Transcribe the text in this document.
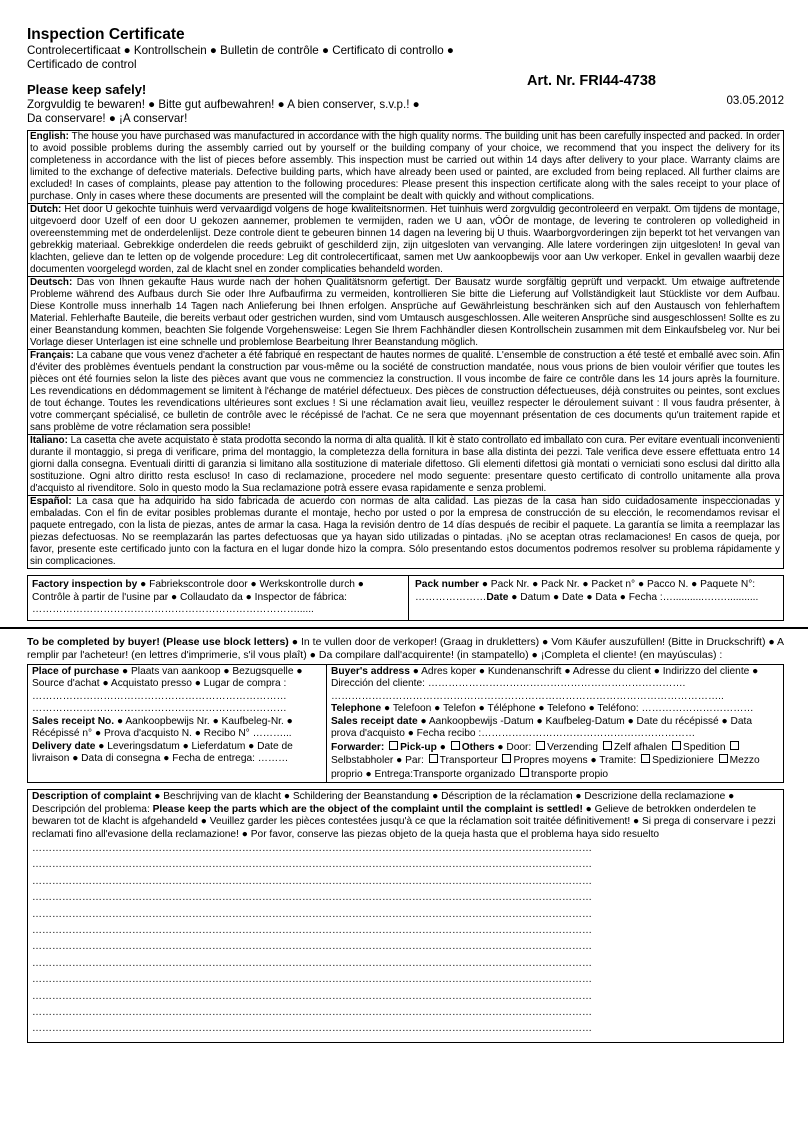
Inspection Certificate
Controlecertificaat ● Kontrollschein ● Bulletin de contrôle ● Certificato di controllo ● Certificado de control
Art. Nr. FRI44-4738
Please keep safely!
Zorgvuldig te bewaren! ● Bitte gut aufbewahren! ● A bien conserver, s.v.p.! ● Da conservare! ● ¡A conservar!
03.05.2012
English: The house you have purchased was manufactured in accordance with the high quality norms. The building unit has been carefully inspected and packed. In order to avoid possible problems during the assembly carried out by yourself or the building company of your choice, we recommend that you inspect the delivery for its completeness in accordance with the list of pieces before assembly. This inspection must be carried out within 14 days after delivery to your place. Warranty claims are limited to the exchange of defective materials. Defective building parts, which have already been used or painted, are excluded from being replaced. All further claims are excluded! In cases of complaints, please pay attention to the following procedures: Please present this inspection certificate along with the sales receipt to your place of purchase. Only in cases where these documents are presented will the complaint be dealt with quickly and without complications.
Dutch: Het door U gekochte tuinhuis werd vervaardigd volgens de hoge kwaliteitsnormen. Het tuinhuis werd zorgvuldig gecontroleerd en verpakt. Om tijdens de montage, uitgevoerd door Uzelf of een door U gekozen aannemer, problemen te vermijden, raden we U aan, vÓÓr de montage, de levering te controleren op volledigheid in overeenstemming met de onderdelenlijst. Deze controle dient te gebeuren binnen 14 dagen na levering bij U thuis. Waarborgvorderingen zijn beperkt tot het vervangen van gebrekkig materiaal. Gebrekkige onderdelen die reeds gebruikt of geschilderd zijn, zijn uitgesloten van vervanging. Alle latere vorderingen zijn uitgesloten! In geval van klachten, gelieve dan te letten op de volgende procedure: Leg dit controlecertificaat, samen met Uw aankoopbewijs voor aan Uw verkoper. Enkel in gevallen waarbij deze documenten voorgelegd worden, zal de klacht snel en zonder complicaties behandeld worden.
Deutsch: Das von Ihnen gekaufte Haus wurde nach der hohen Qualitätsnorm gefertigt. Der Bausatz wurde sorgfältig geprüft und verpackt. Um etwaige auftretende Probleme während des Aufbaus durch Sie oder Ihre Aufbaufirma zu vermeiden, kontrollieren Sie bitte die Lieferung auf Vollständigkeit laut Stückliste vor dem Aufbau. Diese Kontrolle muss innerhalb 14 Tagen nach Anlieferung bei Ihnen erfolgen. Ansprüche auf Gewährleistung beschränken sich auf den Austausch von fehlerhaftem Material. Fehlerhafte Bauteile, die bereits verbaut oder gestrichen wurden, sind vom Umtausch ausgeschlossen. Alle weiteren Ansprüche sind ausgeschlossen! Sollte es zu einer Beanstandung kommen, beachten Sie folgende Vorgehensweise: Legen Sie Ihrem Fachhändler diesen Kontrollschein zusammen mit dem Einkaufsbeleg vor. Nur bei Vorlage dieser Unterlagen ist eine schnelle und problemlose Bearbeitung Ihrer Beanstandung möglich.
Français: La cabane que vous venez d'acheter a été fabriqué en respectant de hautes normes de qualité. L'ensemble de construction a été testé et emballé avec soin. Afin d'éviter des problèmes éventuels pendant la construction par vous-même ou la société de construction mandatée, nous vous prions de bien vouloir vérifier que toutes les pièces ont été fournies selon la liste des pièces avant que vous ne commenciez la construction. Il vous incombe de faire ce contrôle dans les 14 jours après la fourniture. Les revendications en dédommagement se limitent à l'échange de matériel défectueux. Des pièces de construction défectueuses, déjà construites ou peintes, sont exclues de tout échange. Toutes les revendications ultérieures sont exclues ! Si une réclamation avait lieu, veuillez respecter le déroulement suivant : Il vous faudra présenter, à votre commerçant spécialisé, ce bulletin de contrôle avec le récépissé de l'achat. Ce ne sera que moyennant présentation de ces documents qu'un traitement rapide et sans problème de votre réclamation sera possible!
Italiano: La casetta che avete acquistato è stata prodotta secondo la norma di alta qualità. Il kit è stato controllato ed imballato con cura. Per evitare eventuali inconvenienti durante il montaggio, si prega di verificare, prima del montaggio, la completezza della fornitura in base alla distinta dei pezzi. Tale verifica deve essere effettuata entro 14 giorni dalla consegna. Eventuali diritti di garanzia si limitano alla sostituzione di materiale difettoso. Gli elementi difettosi già montati o verniciati sono esclusi dal diritto alla sostituzione. Ogni altro diritto resta escluso! In caso di reclamazione, procedere nel modo seguente: presentare questo certificato di controllo unitamente alla prova d'acquisto al rivenditore. Solo in questo modo la Sua reclamazione potrà essere evasa rapidamente e senza problemi.
Español: La casa que ha adquirido ha sido fabricada de acuerdo con normas de alta calidad. Las piezas de la casa han sido cuidadosamente inspeccionadas y embaladas. Con el fin de evitar posibles problemas durante el montaje, hecho por usted o por la empresa de construcción de su elección, le recomendamos revisar el paquete entregado, con la lista de piezas, antes de armar la casa. Haga la revisión dentro de 14 días después de recibir el paquete. La garantía se limita a reemplazar las piezas defectuosas. No se reemplazarán las partes defectuosas que ya hayan sido utilizadas o pintadas. ¡No se aceptan otras reclamaciones! En casos de queja, por favor, presente este certificado junto con la factura en el lugar donde hizo la compra. Sólo presentando estos documentos podremos resolver su problema rápidamente y sin complicaciones.
Factory inspection by ● Fabriekscontrole door ● Werkskontrolle durch ● Contrôle à partir de l'usine par ● Collaudato da ● Inspector de fábrica:
……………………………………………………………………......
Pack number ● Pack Nr. ● Pack Nr. ● Packet n° ● Pacco N. ● Paquete N°:
…………………Date ● Datum ● Date ● Data ● Fecha :…...........….…...........
To be completed by buyer! (Please use block letters) ● In te vullen door de verkoper! (Graag in drukletters) ● Vom Käufer auszufüllen! (Bitte in Druckschrift) ● A remplir par l'acheteur! (en lettres d'imprimerie, s'il vous plaît) ● Da compilare dall'acquirente! (in stampatello) ● ¡Completa el cliente! (en mayúsculas) :
Place of purchase ● Plaats van aankoop ● Bezugsquelle ● Source d'achat ● Acquistato presso ● Lugar de compra :
…………………………………………………………………
…………………………………………………………………
Sales receipt No. ● Aankoopbewijs Nr. ● Kaufbeleg-Nr. ● Récépissé n° ● Prova d'acquisto N. ● Recibo N° ………...
Delivery date ● Leveringsdatum ● Lieferdatum ● Date de livraison ● Data di consegna ● Fecha de entrega: ………
Buyer's address ● Adres koper ● Kundenanschrift ● Adresse du client ● Indirizzo del cliente ● Dirección del cliente: ………………………………………………………………….
……………………………………………………………………………………………………..
Telephone ● Telefoon ● Telefon ● Téléphone ● Telefono ● Teléfono: ……………………………
Sales receipt date ● Aankoopbewijs -Datum ● Kaufbeleg-Datum ● Date du récépissé ● Data prova d'acquisto ● Fecha recibo :………………………………………………………
Forwarder: Pick-up ● Others ● Door: Verzending Zelf afhalen Spedition Selbstabholer ● Par: Transporteur Propres moyens ● Tramite: Spedizioniere Mezzo proprio ● Entrega:Transporte organizado transporte propio
Description of complaint ● Beschrijving van de klacht ● Schildering der Beanstandung ● Déscription de la réclamation ● Descrizione della reclamazione ● Descripción del problema: Please keep the parts which are the object of the complaint until the complaint is settled! ● Gelieve de betrokken onderdelen te bewaren tot de klacht is afgehandeld ● Veuillez garder les pièces contestées jusqu'à ce que la réclamation soit traitée définitivement! ● Si prega di conservare i pezzi reclamati fino all'evasione della reclamazione! ● Por favor, conserve las piezas objeto de la queja hasta que el problema haya sido resuelto
……………………………………………………………………………………………………………………………………………………
……………………………………………………………………………………………………………………………………………………
……………………………………………………………………………………………………………………………………………………
……………………………………………………………………………………………………………………………………………………
……………………………………………………………………………………………………………………………………………………
……………………………………………………………………………………………………………………………………………………
……………………………………………………………………………………………………………………………………………………
……………………………………………………………………………………………………………………………………………………
……………………………………………………………………………………………………………………………………………………
……………………………………………………………………………………………………………………………………………………
……………………………………………………………………………………………………………………………………………………
……………………………………………………………………………………………………………………………………………………
